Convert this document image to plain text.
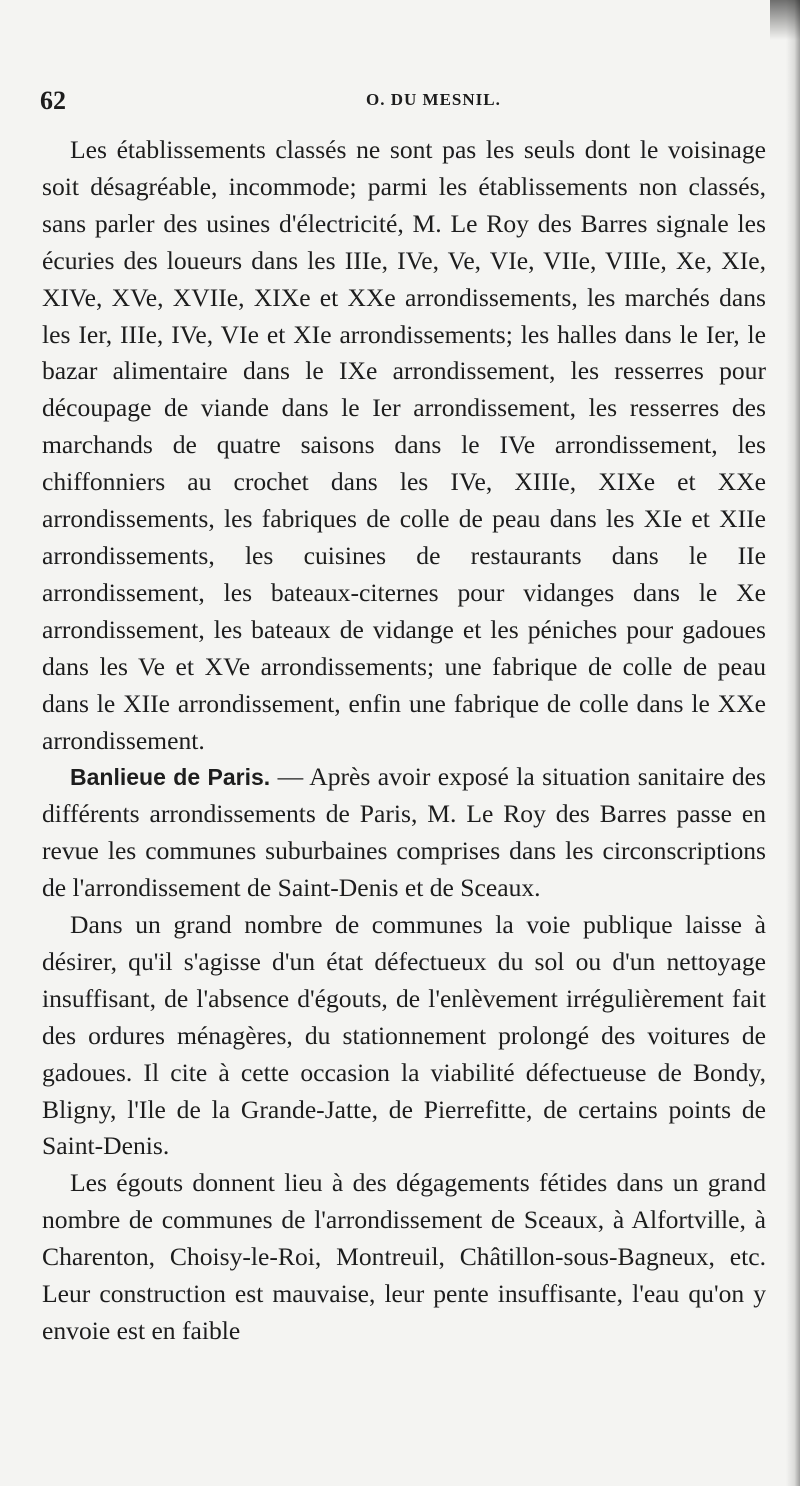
62	O. DU MESNIL.

Les établissements classés ne sont pas les seuls dont le voisinage soit désagréable, incommode; parmi les établissements non classés, sans parler des usines d'électricité, M. Le Roy des Barres signale les écuries des loueurs dans les IIIe, IVe, Ve, VIe, VIIe, VIIIe, Xe, XIe, XIVe, XVe, XVIIe, XIXe et XXe arrondissements, les marchés dans les Ier, IIIe, IVe, VIe et XIe arrondissements; les halles dans le Ier, le bazar alimentaire dans le IXe arrondissement, les resserres pour découpage de viande dans le Ier arrondissement, les resserres des marchands de quatre saisons dans le IVe arrondissement, les chiffonniers au crochet dans les IVe, XIIIe, XIXe et XXe arrondissements, les fabriques de colle de peau dans les XIe et XIIe arrondissements, les cuisines de restaurants dans le IIe arrondissement, les bateaux-citernes pour vidanges dans le Xe arrondissement, les bateaux de vidange et les péniches pour gadoues dans les Ve et XVe arrondissements; une fabrique de colle de peau dans le XIIe arrondissement, enfin une fabrique de colle dans le XXe arrondissement.

Banlieue de Paris. — Après avoir exposé la situation sanitaire des différents arrondissements de Paris, M. Le Roy des Barres passe en revue les communes suburbaines comprises dans les circonscriptions de l'arrondissement de Saint-Denis et de Sceaux.

Dans un grand nombre de communes la voie publique laisse à désirer, qu'il s'agisse d'un état défectueux du sol ou d'un nettoyage insuffisant, de l'absence d'égouts, de l'enlèvement irrégulièrement fait des ordures ménagères, du stationnement prolongé des voitures de gadoues. Il cite à cette occasion la viabilité défectueuse de Bondy, Bligny, l'Ile de la Grande-Jatte, de Pierrefitte, de certains points de Saint-Denis.

Les égouts donnent lieu à des dégagements fétides dans un grand nombre de communes de l'arrondissement de Sceaux, à Alfortville, à Charenton, Choisy-le-Roi, Montreuil, Châtillon-sous-Bagneux, etc. Leur construction est mauvaise, leur pente insuffisante, l'eau qu'on y envoie est en faible
